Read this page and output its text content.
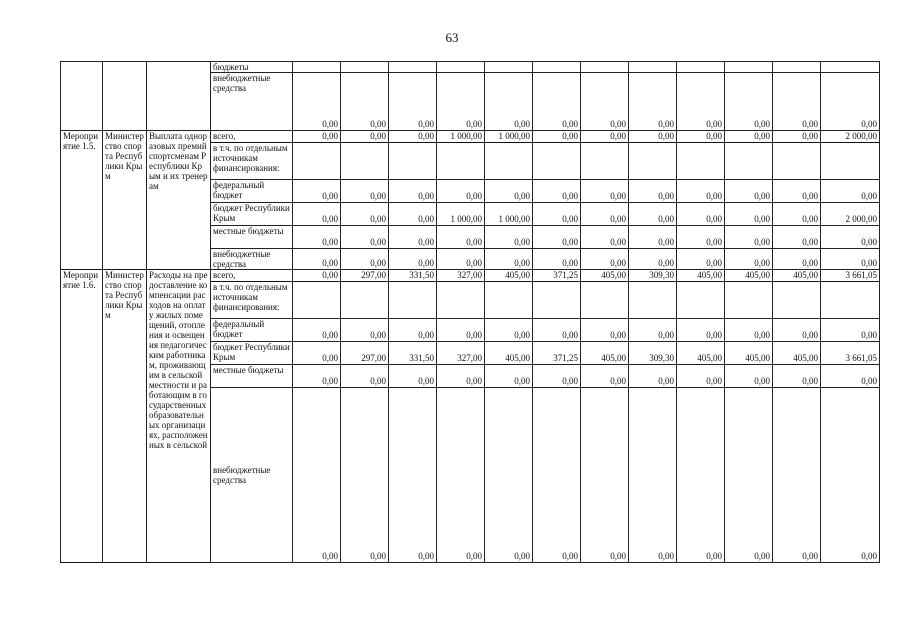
63
			бюджеты												
			внебюджетные средства	0,00	0,00	0,00	0,00	0,00	0,00	0,00	0,00	0,00	0,00	0,00	0,00
Мероприятие 1.5.	Министерство спорта Республики Крым	Выплата одноразовых премий спортсменам Республики Крым и их тренерам	всего,	0,00	0,00	0,00	1 000,00	1 000,00	0,00	0,00	0,00	0,00	0,00	0,00	2 000,00
			в т.ч. по отдельным источникам финансирования:												
			федеральный бюджет	0,00	0,00	0,00	0,00	0,00	0,00	0,00	0,00	0,00	0,00	0,00	0,00
			бюджет Республики Крым	0,00	0,00	0,00	1 000,00	1 000,00	0,00	0,00	0,00	0,00	0,00	0,00	2 000,00
			местные бюджеты	0,00	0,00	0,00	0,00	0,00	0,00	0,00	0,00	0,00	0,00	0,00	0,00
			внебюджетные средства	0,00	0,00	0,00	0,00	0,00	0,00	0,00	0,00	0,00	0,00	0,00	0,00
Мероприятие 1.6.	Министерство спорта Республики Крым	Расходы на предоставление компенсации расходов на оплату жилых помещений, отопления и освещения педагогическим работникам, проживающим в сельской местности и работающим в государственных образовательных организациях, расположенных в сельской	всего,	0,00	297,00	331,50	327,00	405,00	371,25	405,00	309,30	405,00	405,00	405,00	3 661,05
			в т.ч. по отдельным источникам финансирования:												
			федеральный бюджет	0,00	0,00	0,00	0,00	0,00	0,00	0,00	0,00	0,00	0,00	0,00	0,00
			бюджет Республики Крым	0,00	297,00	331,50	327,00	405,00	371,25	405,00	309,30	405,00	405,00	405,00	3 661,05
			местные бюджеты	0,00	0,00	0,00	0,00	0,00	0,00	0,00	0,00	0,00	0,00	0,00	0,00
			внебюджетные средства	0,00	0,00	0,00	0,00	0,00	0,00	0,00	0,00	0,00	0,00	0,00	0,00
